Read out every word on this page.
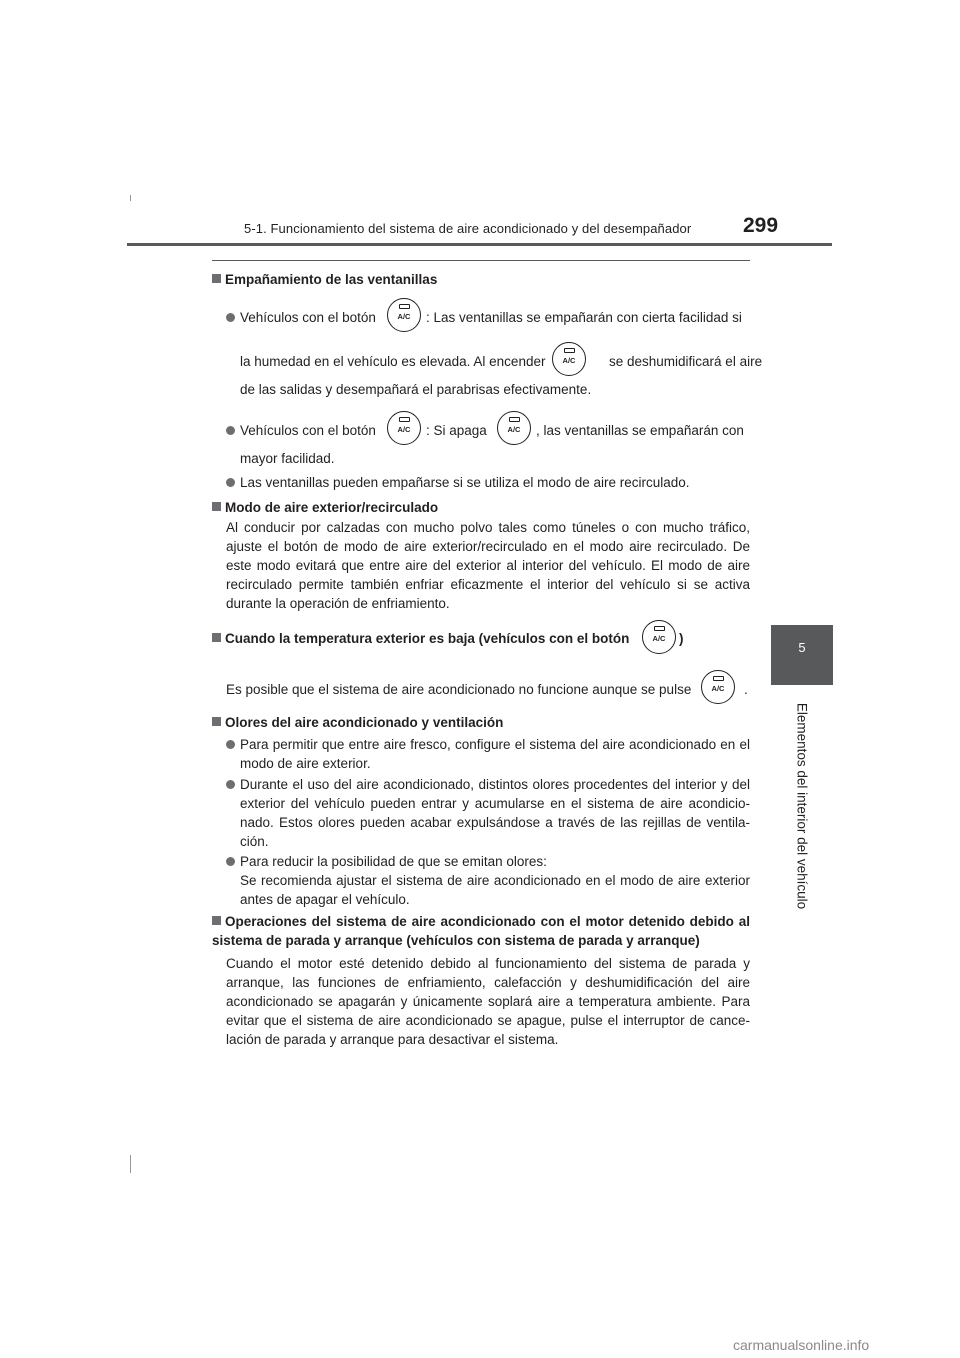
5-1. Funcionamiento del sistema de aire acondicionado y del desempañador 299
5
Elementos del interior del vehículo
Empañamiento de las ventanillas
Vehículos con el botón	A/C	: Las ventanillas se empañarán con cierta facilidad si
la humedad en el vehículo es elevada. Al encender	A/C	se deshumidificará el aire
de las salidas y desempañará el parabrisas efectivamente.
Vehículos con el botón	A/C	: Si apaga	A/C	, las ventanillas se empañarán con
mayor facilidad.
Las ventanillas pueden empañarse si se utiliza el modo de aire recirculado.
Modo de aire exterior/recirculado
Al conducir por calzadas con mucho polvo tales como túneles o con mucho tráfico, ajuste el botón de modo de aire exterior/recirculado en el modo aire recirculado. De este modo evitará que entre aire del exterior al interior del vehículo. El modo de aire recirculado permite también enfriar eficazmente el interior del vehículo si se activa durante la operación de enfriamiento.
Cuando la temperatura exterior es baja (vehículos con el botón	A/C	)
Es posible que el sistema de aire acondicionado no funcione aunque se pulse	A/C	.
Olores del aire acondicionado y ventilación
Para permitir que entre aire fresco, configure el sistema del aire acondicionado en el modo de aire exterior.
Durante el uso del aire acondicionado, distintos olores procedentes del interior y del exterior del vehículo pueden entrar y acumularse en el sistema de aire acondicio-nado. Estos olores pueden acabar expulsándose a través de las rejillas de ventila-ción.
Para reducir la posibilidad de que se emitan olores:
Se recomienda ajustar el sistema de aire acondicionado en el modo de aire exterior antes de apagar el vehículo.
Operaciones del sistema de aire acondicionado con el motor detenido debido al sistema de parada y arranque (vehículos con sistema de parada y arranque)
Cuando el motor esté detenido debido al funcionamiento del sistema de parada y arranque, las funciones de enfriamiento, calefacción y deshumidificación del aire acondicionado se apagarán y únicamente soplará aire a temperatura ambiente. Para evitar que el sistema de aire acondicionado se apague, pulse el interruptor de cance-lación de parada y arranque para desactivar el sistema.
carmanualsonline.info
